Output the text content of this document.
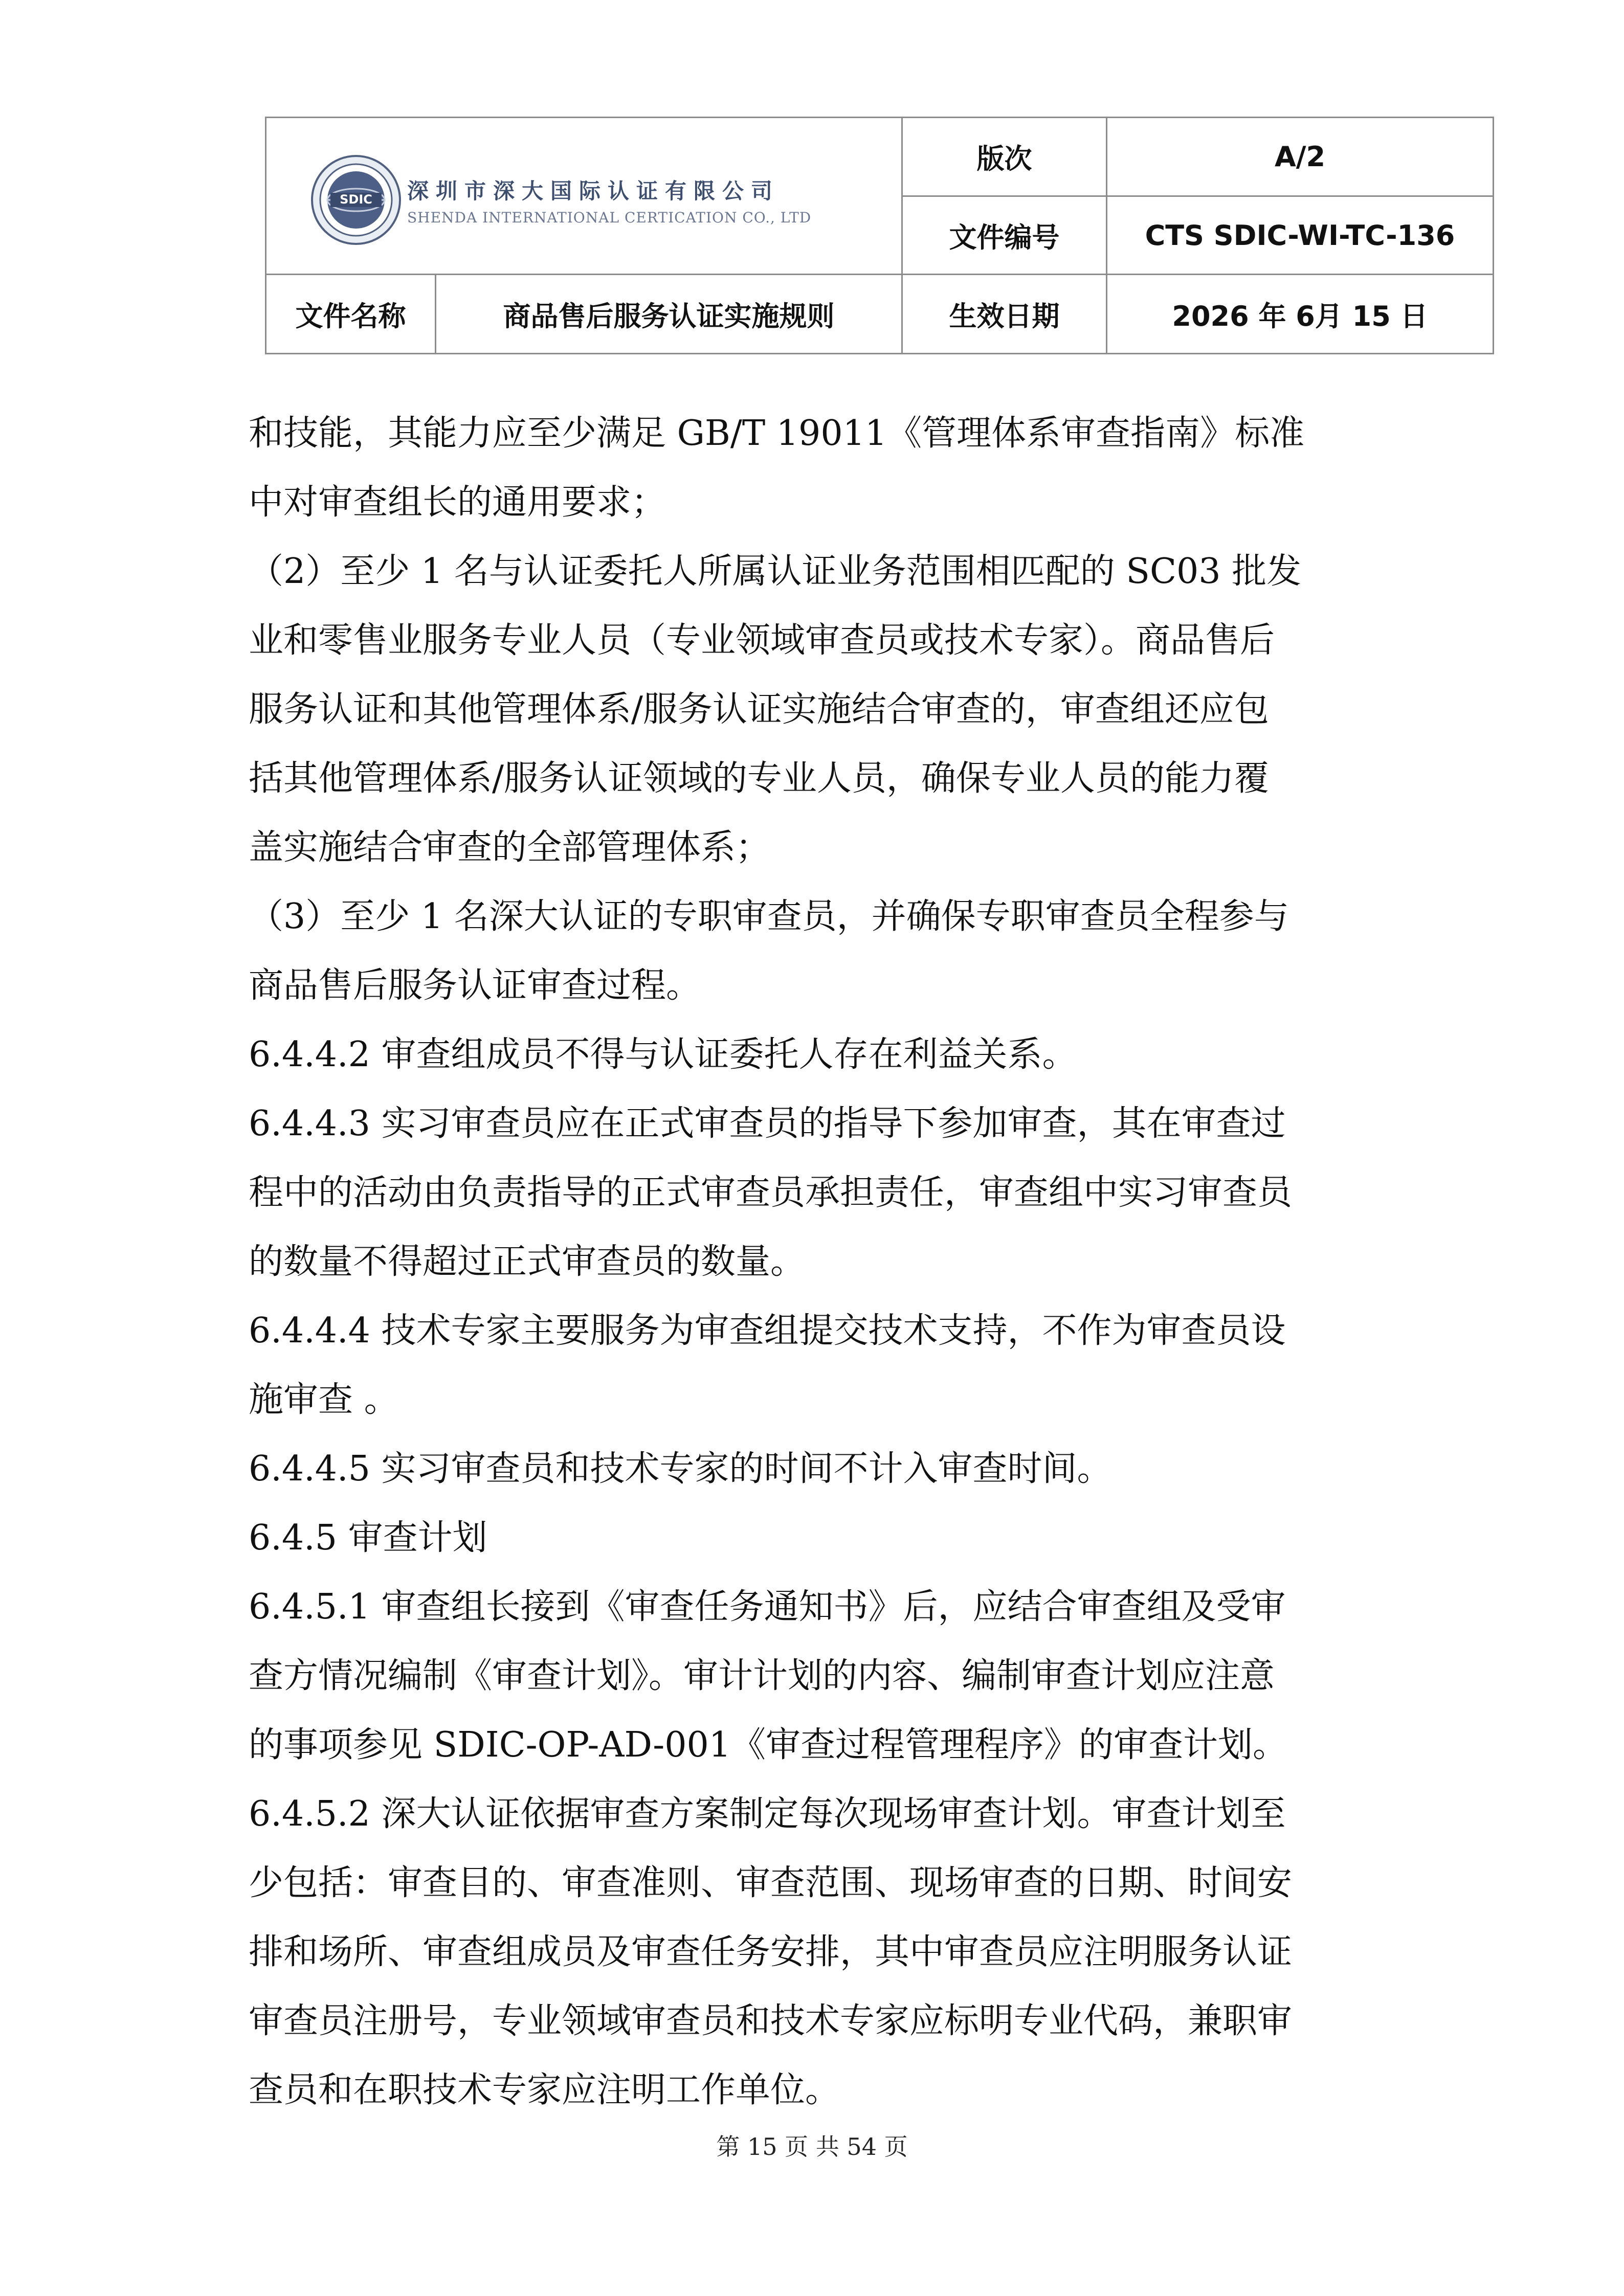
SDIC 深圳市深大国际认证有限公司
SHENDA INTERNATIONAL CERTICATION CO., LTD		版次	A/2
		文件编号	CTS SDIC-WI-TC-136
文件名称	商品售后服务认证实施规则	生效日期	2026 年 6月 15 日

和技能，其能力应至少满足 GB/T 19011《管理体系审查指南》标准

中对审查组长的通用要求；

（2）至少 1 名与认证委托人所属认证业务范围相匹配的 SC03 批发

业和零售业服务专业人员（专业领域审查员或技术专家）。商品售后

服务认证和其他管理体系/服务认证实施结合审查的，审查组还应包

括其他管理体系/服务认证领域的专业人员，确保专业人员的能力覆

盖实施结合审查的全部管理体系；

（3）至少 1 名深大认证的专职审查员，并确保专职审查员全程参与

商品售后服务认证审查过程。

6.4.4.2 审查组成员不得与认证委托人存在利益关系。

6.4.4.3 实习审查员应在正式审查员的指导下参加审查，其在审查过

程中的活动由负责指导的正式审查员承担责任，审查组中实习审查员

的数量不得超过正式审查员的数量。

6.4.4.4 技术专家主要服务为审查组提交技术支持，不作为审查员设

施审查 。

6.4.4.5 实习审查员和技术专家的时间不计入审查时间。

6.4.5 审查计划

6.4.5.1 审查组长接到《审查任务通知书》后，应结合审查组及受审

查方情况编制《审查计划》。审计计划的内容、编制审查计划应注意

的事项参见 SDIC-OP-AD-001《审查过程管理程序》的审查计划。

6.4.5.2 深大认证依据审查方案制定每次现场审查计划。审查计划至

少包括：审查目的、审查准则、审查范围、现场审查的日期、时间安

排和场所、审查组成员及审查任务安排，其中审查员应注明服务认证

审查员注册号，专业领域审查员和技术专家应标明专业代码，兼职审

查员和在职技术专家应注明工作单位。

第 15 页 共 54 页
